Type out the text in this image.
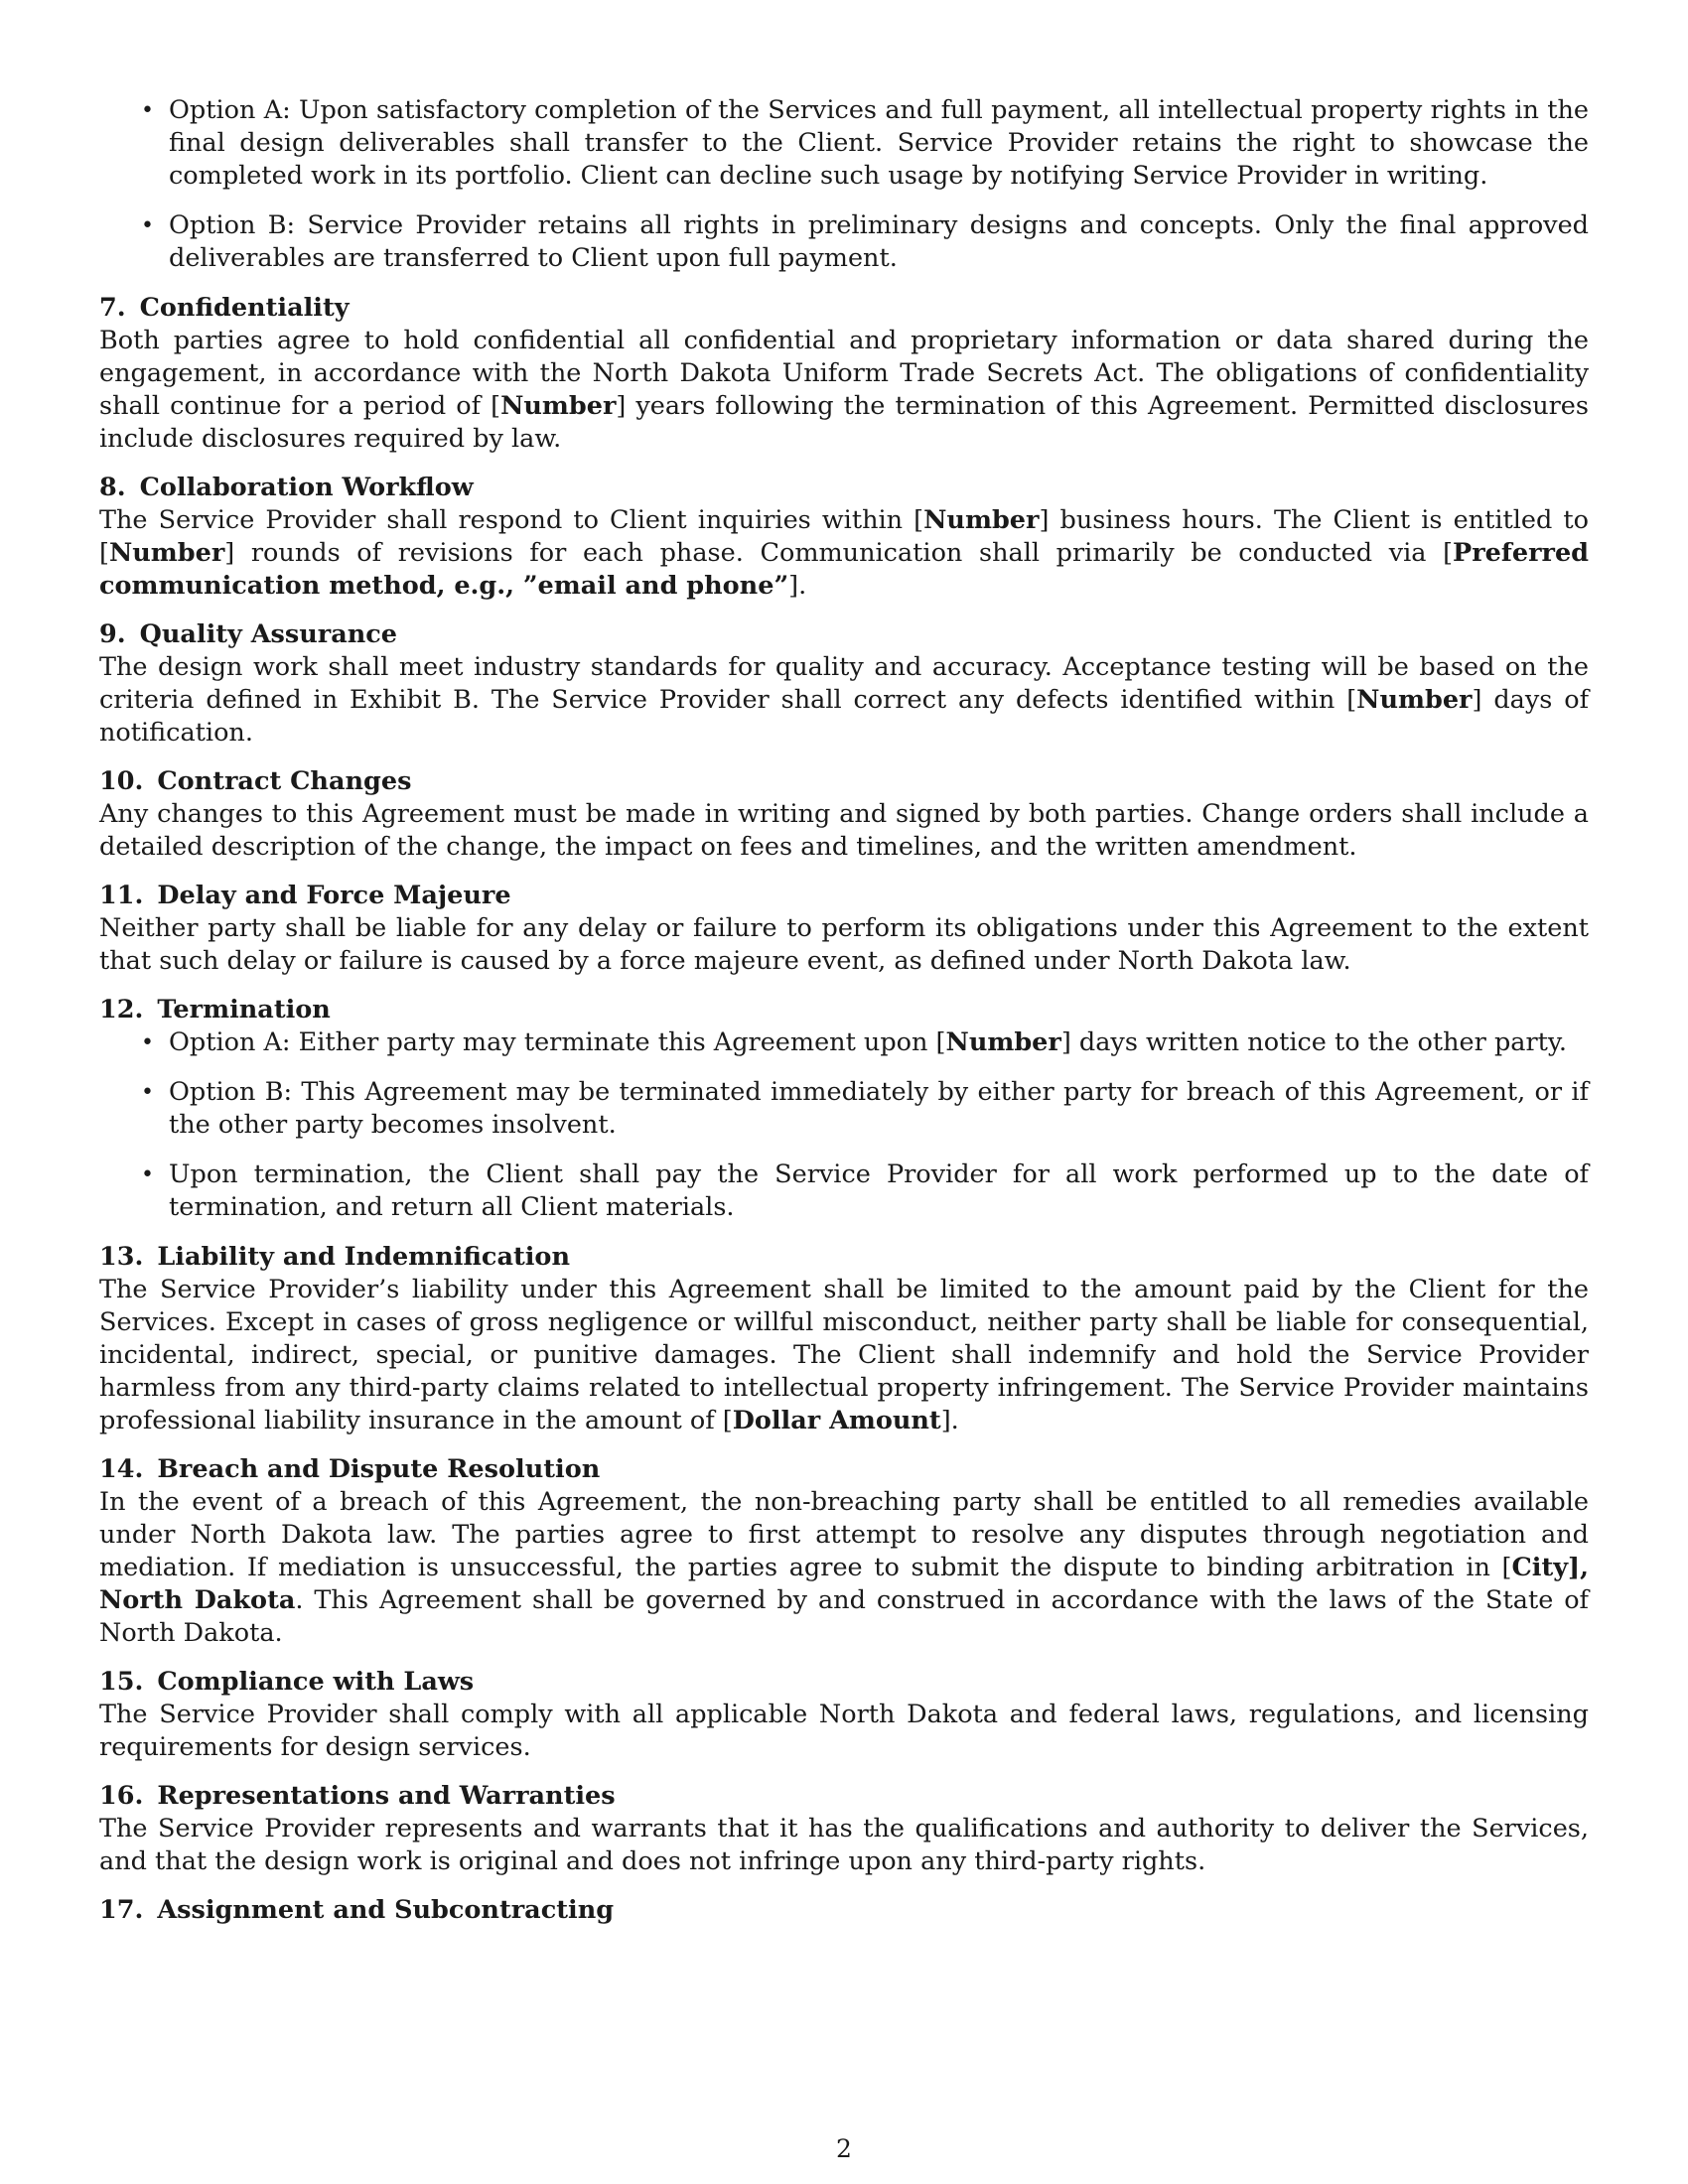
• Option A: Upon satisfactory completion of the Services and full payment, all intellectual property rights in the final design deliverables shall transfer to the Client. Service Provider retains the right to showcase the completed work in its portfolio. Client can decline such usage by notifying Service Provider in writing.
• Option B: Service Provider retains all rights in preliminary designs and concepts. Only the final approved deliverables are transferred to Client upon full payment.

7. Confidentiality

Both parties agree to hold confidential all confidential and proprietary information or data shared during the engagement, in accordance with the North Dakota Uniform Trade Secrets Act. The obligations of confidentiality shall continue for a period of [Number] years following the termination of this Agreement. Permitted disclosures include disclosures required by law.

8. Collaboration Workflow

The Service Provider shall respond to Client inquiries within [Number] business hours. The Client is entitled to [Number] rounds of revisions for each phase. Communication shall primarily be conducted via [Preferred communication method, e.g., ”email and phone”].

9. Quality Assurance

The design work shall meet industry standards for quality and accuracy. Acceptance testing will be based on the criteria defined in Exhibit B. The Service Provider shall correct any defects identified within [Number] days of notification.

10. Contract Changes

Any changes to this Agreement must be made in writing and signed by both parties. Change orders shall include a detailed description of the change, the impact on fees and timelines, and the written amendment.

11. Delay and Force Majeure

Neither party shall be liable for any delay or failure to perform its obligations under this Agreement to the extent that such delay or failure is caused by a force majeure event, as defined under North Dakota law.

12. Termination

• Option A: Either party may terminate this Agreement upon [Number] days written notice to the other party.
• Option B: This Agreement may be terminated immediately by either party for breach of this Agreement, or if the other party becomes insolvent.
• Upon termination, the Client shall pay the Service Provider for all work performed up to the date of termination, and return all Client materials.

13. Liability and Indemnification

The Service Provider’s liability under this Agreement shall be limited to the amount paid by the Client for the Services. Except in cases of gross negligence or willful misconduct, neither party shall be liable for consequential, incidental, indirect, special, or punitive damages. The Client shall indemnify and hold the Service Provider harmless from any third-party claims related to intellectual property infringement. The Service Provider maintains professional liability insurance in the amount of [Dollar Amount].

14. Breach and Dispute Resolution

In the event of a breach of this Agreement, the non-breaching party shall be entitled to all remedies available under North Dakota law. The parties agree to first attempt to resolve any disputes through negotiation and mediation. If mediation is unsuccessful, the parties agree to submit the dispute to binding arbitration in [City], North Dakota. This Agreement shall be governed by and construed in accordance with the laws of the State of North Dakota.

15. Compliance with Laws

The Service Provider shall comply with all applicable North Dakota and federal laws, regulations, and licensing requirements for design services.

16. Representations and Warranties

The Service Provider represents and warrants that it has the qualifications and authority to deliver the Services, and that the design work is original and does not infringe upon any third-party rights.

17. Assignment and Subcontracting

2
